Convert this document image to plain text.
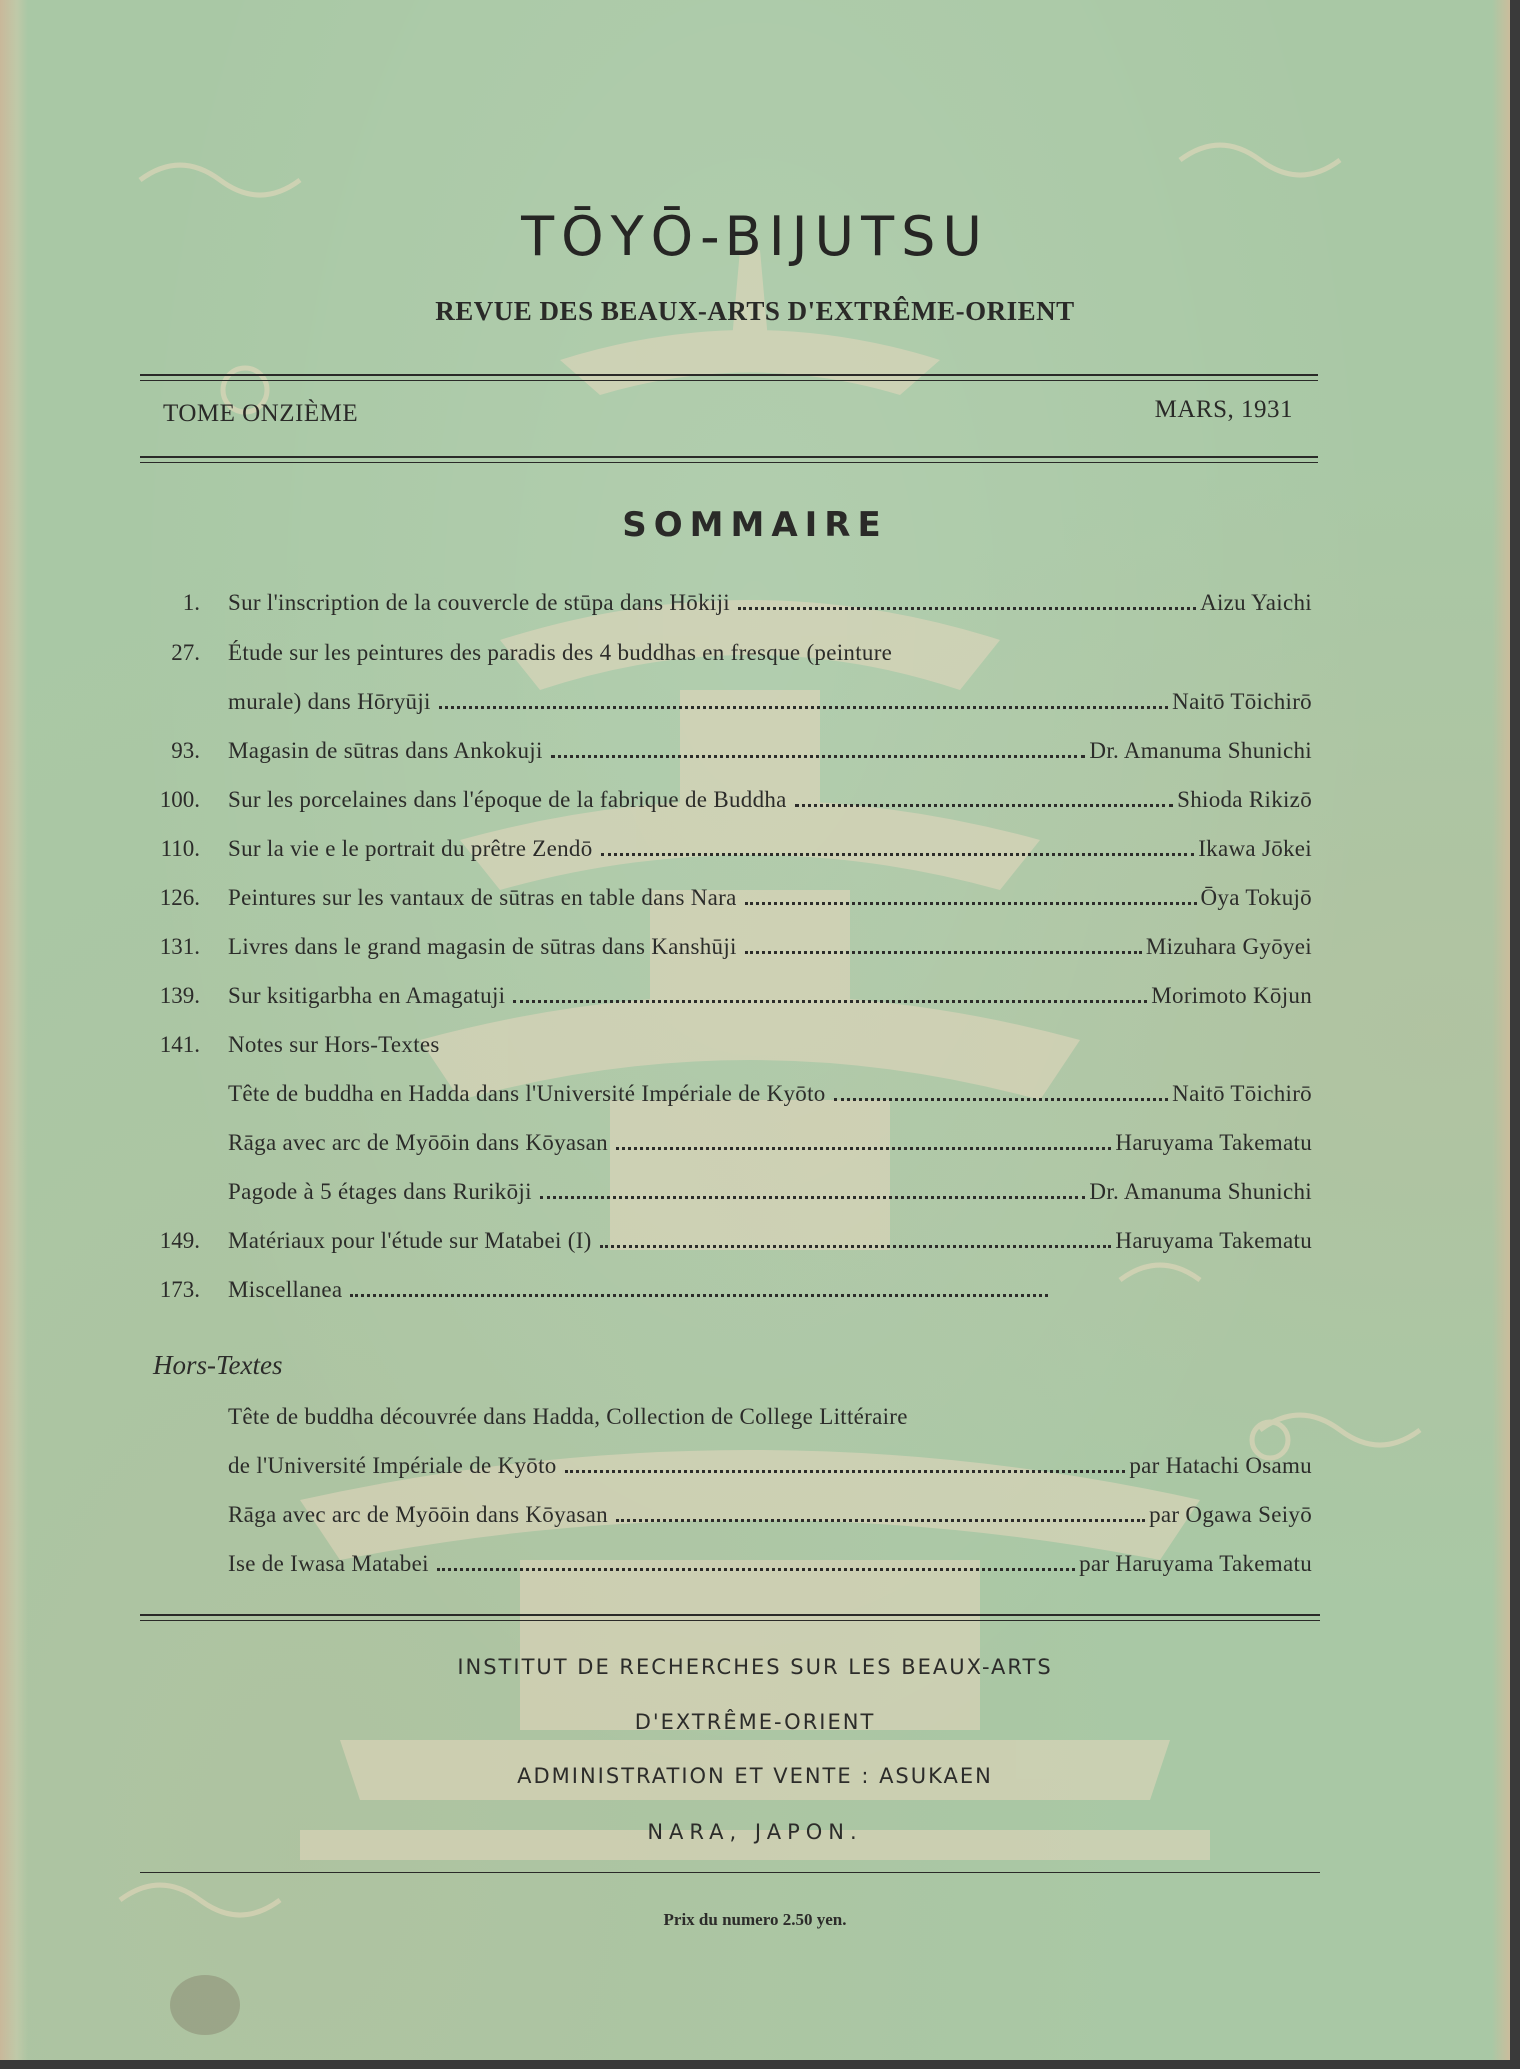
TŌYŌ-BIJUTSU
REVUE DES BEAUX-ARTS D'EXTRÊME-ORIENT
TOME ONZIÈME	MARS, 1931
SOMMAIRE
1. Sur l'inscription de la couvercle de stūpa dans Hōkiji	Aizu Yaichi
27. Étude sur les peintures des paradis des 4 buddhas en fresque (peinture
murale) dans Hōryūji	Naitō Tōichirō
93. Magasin de sūtras dans Ankokuji	Dr. Amanuma Shunichi
100. Sur les porcelaines dans l'époque de la fabrique de Buddha	Shioda Rikizō
110. Sur la vie e le portrait du prêtre Zendō	Ikawa Jōkei
126. Peintures sur les vantaux de sūtras en table dans Nara	Ōya Tokujō
131. Livres dans le grand magasin de sūtras dans Kanshūji	Mizuhara Gyōyei
139. Sur ksitigarbha en Amagatuji	Morimoto Kōjun
141. Notes sur Hors-Textes
Tête de buddha en Hadda dans l'Université Impériale de Kyōto	Naitō Tōichirō
Rāga avec arc de Myōōin dans Kōyasan	Haruyama Takematu
Pagode à 5 étages dans Rurikōji	Dr. Amanuma Shunichi
149. Matériaux pour l'étude sur Matabei (I)	Haruyama Takematu
173. Miscellanea
Hors-Textes
Tête de buddha découvrée dans Hadda, Collection de College Littéraire
de l'Université Impériale de Kyōto	par Hatachi Osamu
Rāga avec arc de Myōōin dans Kōyasan	par Ogawa Seiyō
Ise de Iwasa Matabei	par Haruyama Takematu
INSTITUT DE RECHERCHES SUR LES BEAUX-ARTS
D'EXTRÊME-ORIENT
ADMINISTRATION ET VENTE : ASUKAEN
NARA, JAPON.
Prix du numero 2.50 yen.
